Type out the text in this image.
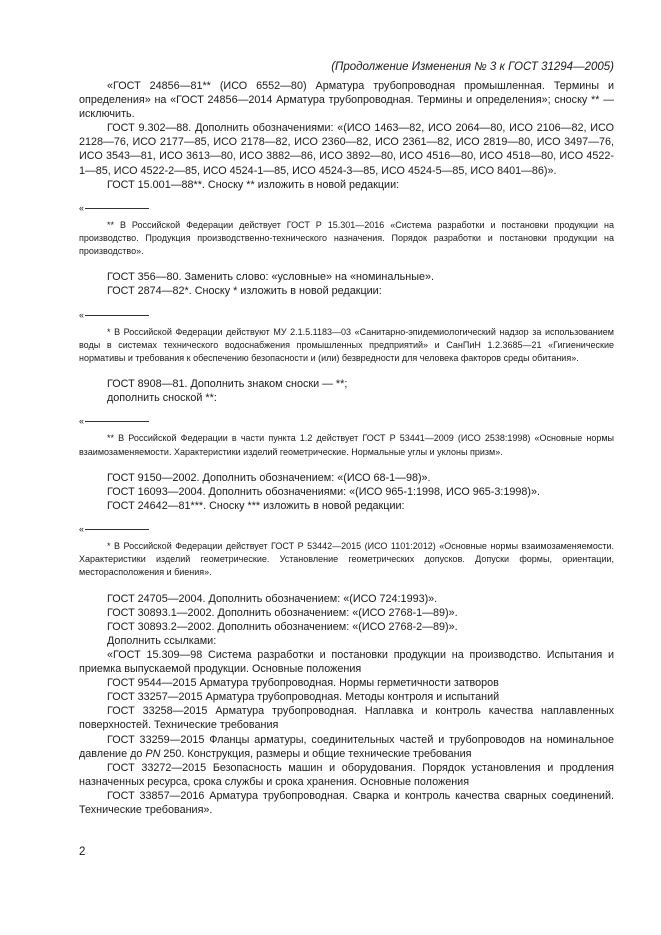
(Продолжение Изменения № 3 к ГОСТ 31294—2005)

«ГОСТ 24856—81** (ИСО 6552—80) Арматура трубопроводная промышленная. Термины и определения» на «ГОСТ 24856—2014 Арматура трубопроводная. Термины и определения»; сноску ** — исключить.

ГОСТ 9.302—88. Дополнить обозначениями: «(ИСО 1463—82, ИСО 2064—80, ИСО 2106—82, ИСО 2128—76, ИСО 2177—85, ИСО 2178—82, ИСО 2360—82, ИСО 2361—82, ИСО 2819—80, ИСО 3497—76, ИСО 3543—81, ИСО 3613—80, ИСО 3882—86, ИСО 3892—80, ИСО 4516—80, ИСО 4518—80, ИСО 4522-1—85, ИСО 4522-2—85, ИСО 4524-1—85, ИСО 4524-3—85, ИСО 4524-5—85, ИСО 8401—86)».

ГОСТ 15.001—88**. Сноску ** изложить в новой редакции:

«

** В Российской Федерации действует ГОСТ Р 15.301—2016 «Система разработки и постановки продукции на производство. Продукция производственно-технического назначения. Порядок разработки и постановки продукции на производство».

ГОСТ 356—80. Заменить слово: «условные» на «номинальные».

ГОСТ 2874—82*. Сноску * изложить в новой редакции:

«

* В Российской Федерации действуют МУ 2.1.5.1183—03 «Санитарно-эпидемиологический надзор за использованием воды в системах технического водоснабжения промышленных предприятий» и СанПиН 1.2.3685—21 «Гигиенические нормативы и требования к обеспечению безопасности и (или) безвредности для человека факторов среды обитания».

ГОСТ 8908—81. Дополнить знаком сноски — **;

дополнить сноской **:

«

** В Российской Федерации в части пункта 1.2 действует ГОСТ Р 53441—2009 (ИСО 2538:1998) «Основные нормы взаимозаменяемости. Характеристики изделий геометрические. Нормальные углы и уклоны призм».

ГОСТ 9150—2002. Дополнить обозначением: «(ИСО 68-1—98)».

ГОСТ 16093—2004. Дополнить обозначениями: «(ИСО 965-1:1998, ИСО 965-3:1998)».

ГОСТ 24642—81***. Сноску *** изложить в новой редакции:

«

* В Российской Федерации действует ГОСТ Р 53442—2015 (ИСО 1101:2012) «Основные нормы взаимозаменяемости. Характеристики изделий геометрические. Установление геометрических допусков. Допуски формы, ориентации, месторасположения и биения».

ГОСТ 24705—2004. Дополнить обозначением: «(ИСО 724:1993)».

ГОСТ 30893.1—2002. Дополнить обозначением: «(ИСО 2768-1—89)».

ГОСТ 30893.2—2002. Дополнить обозначением: «(ИСО 2768-2—89)».

Дополнить ссылками:

«ГОСТ 15.309—98 Система разработки и постановки продукции на производство. Испытания и приемка выпускаемой продукции. Основные положения

ГОСТ 9544—2015 Арматура трубопроводная. Нормы герметичности затворов

ГОСТ 33257—2015 Арматура трубопроводная. Методы контроля и испытаний

ГОСТ 33258—2015 Арматура трубопроводная. Наплавка и контроль качества наплавленных поверхностей. Технические требования

ГОСТ 33259—2015 Фланцы арматуры, соединительных частей и трубопроводов на номинальное давление до PN 250. Конструкция, размеры и общие технические требования

ГОСТ 33272—2015 Безопасность машин и оборудования. Порядок установления и продления назначенных ресурса, срока службы и срока хранения. Основные положения

ГОСТ 33857—2016 Арматура трубопроводная. Сварка и контроль качества сварных соединений. Технические требования».

2
